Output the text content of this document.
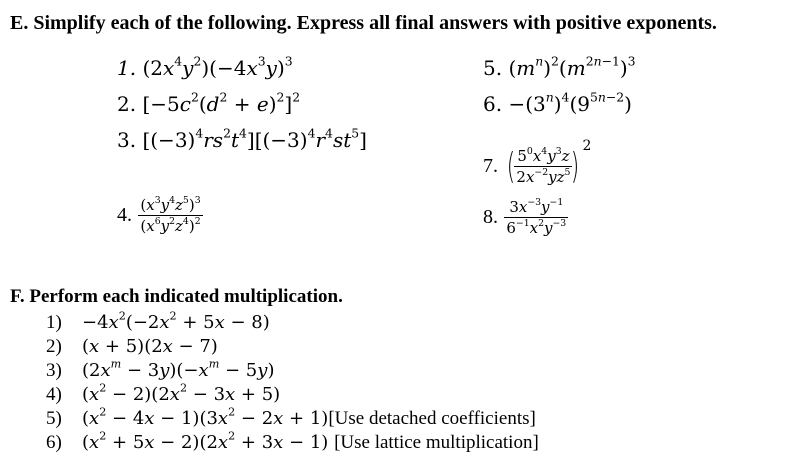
E. Simplify each of the following. Express all final answers with positive exponents.
1. $(2x^4y^2)(-4x^3y)^3$
2. $[-5c^2(d^2 + e)^2]^2$
3. $[(-3)^4rs^2t^4][(-3)^4r^4st^5]$
4. $\frac{(x^3y^4z^5)^3}{(x^6y^2z^4)^2}$
5. $(m^n)^2(m^{2n-1})^3$
6. $-(3^n)^4(9^{5n-2})$
7. (
$\frac{5^0x^4y^3z}{2x^{-2}yz^5}$
) $^2$
8. $\frac{3x^{-3}y^{-1}}{6^{-1}x^2y^{-3}}$
F. Perform each indicated multiplication.
$1) -4x^2(-2x^2 + 5x - 8)$
2) (x + 5)(2x − 7)
3) $(2x^m - 3y)(-x^m - 5y)$
4) $(x^2 - 2)(2x^2 - 3x + 5)$
5) $(x^2 - 4x - 1)(3x^2 - 2x + 1)[Use$ detached coefficients]
6) $(x^2 + 5x - 2)(2x^2 + 3x - 1)$ [Use lattice multiplication]
